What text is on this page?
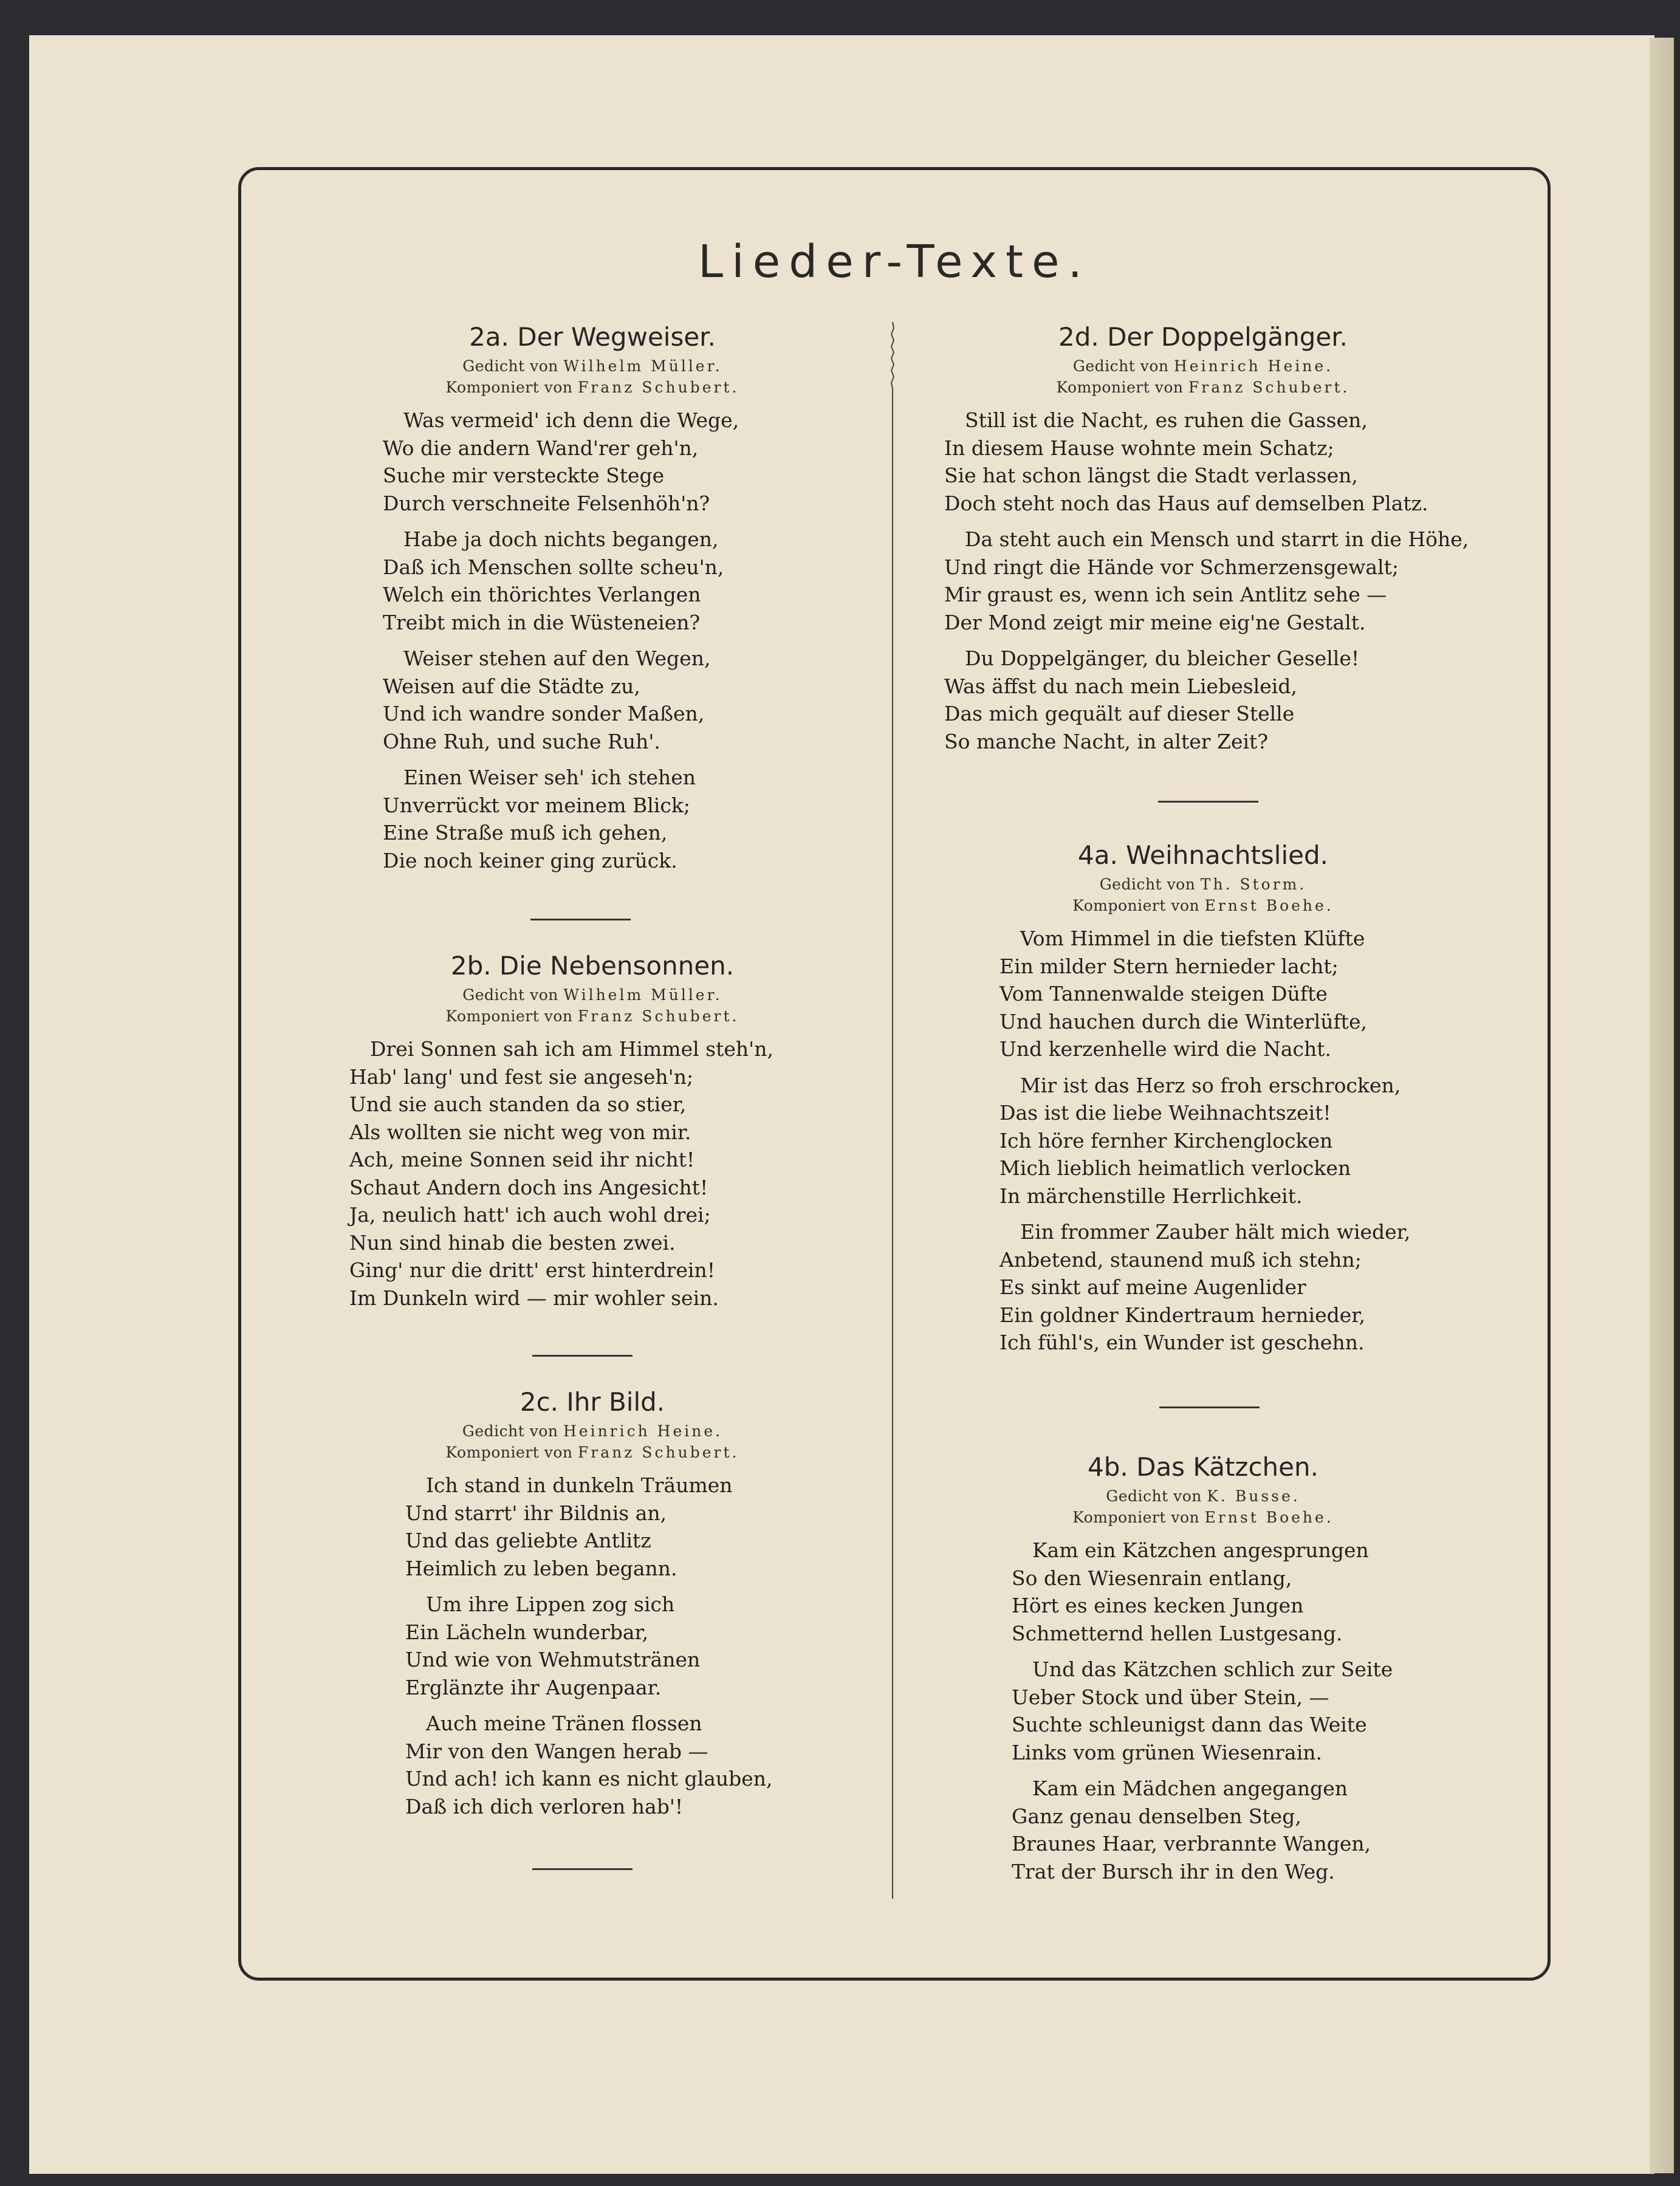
Lieder-Texte.
2a. Der Wegweiser.
Gedicht von Wilhelm Müller.
Komponiert von Franz Schubert.
Was vermeid' ich denn die Wege,
Wo die andern Wand'rer geh'n,
Suche mir versteckte Stege
Durch verschneite Felsenhöh'n?
Habe ja doch nichts begangen,
Daß ich Menschen sollte scheu'n,
Welch ein thörichtes Verlangen
Treibt mich in die Wüsteneien?
Weiser stehen auf den Wegen,
Weisen auf die Städte zu,
Und ich wandre sonder Maßen,
Ohne Ruh, und suche Ruh'.
Einen Weiser seh' ich stehen
Unverrückt vor meinem Blick;
Eine Straße muß ich gehen,
Die noch keiner ging zurück.
2b. Die Nebensonnen.
Gedicht von Wilhelm Müller.
Komponiert von Franz Schubert.
Drei Sonnen sah ich am Himmel steh'n,
Hab' lang' und fest sie angeseh'n;
Und sie auch standen da so stier,
Als wollten sie nicht weg von mir.
Ach, meine Sonnen seid ihr nicht!
Schaut Andern doch ins Angesicht!
Ja, neulich hatt' ich auch wohl drei;
Nun sind hinab die besten zwei.
Ging' nur die dritt' erst hinterdrein!
Im Dunkeln wird — mir wohler sein.
2c. Ihr Bild.
Gedicht von Heinrich Heine.
Komponiert von Franz Schubert.
Ich stand in dunkeln Träumen
Und starrt' ihr Bildnis an,
Und das geliebte Antlitz
Heimlich zu leben begann.
Um ihre Lippen zog sich
Ein Lächeln wunderbar,
Und wie von Wehmutstränen
Erglänzte ihr Augenpaar.
Auch meine Tränen flossen
Mir von den Wangen herab —
Und ach! ich kann es nicht glauben,
Daß ich dich verloren hab'!
2d. Der Doppelgänger.
Gedicht von Heinrich Heine.
Komponiert von Franz Schubert.
Still ist die Nacht, es ruhen die Gassen,
In diesem Hause wohnte mein Schatz;
Sie hat schon längst die Stadt verlassen,
Doch steht noch das Haus auf demselben Platz.
Da steht auch ein Mensch und starrt in die Höhe,
Und ringt die Hände vor Schmerzensgewalt;
Mir graust es, wenn ich sein Antlitz sehe —
Der Mond zeigt mir meine eig'ne Gestalt.
Du Doppelgänger, du bleicher Geselle!
Was äffst du nach mein Liebesleid,
Das mich gequält auf dieser Stelle
So manche Nacht, in alter Zeit?
4a. Weihnachtslied.
Gedicht von Th. Storm.
Komponiert von Ernst Boehe.
Vom Himmel in die tiefsten Klüfte
Ein milder Stern hernieder lacht;
Vom Tannenwalde steigen Düfte
Und hauchen durch die Winterlüfte,
Und kerzenhelle wird die Nacht.
Mir ist das Herz so froh erschrocken,
Das ist die liebe Weihnachtszeit!
Ich höre fernher Kirchenglocken
Mich lieblich heimatlich verlocken
In märchenstille Herrlichkeit.
Ein frommer Zauber hält mich wieder,
Anbetend, staunend muß ich stehn;
Es sinkt auf meine Augenlider
Ein goldner Kindertraum hernieder,
Ich fühl's, ein Wunder ist geschehn.
4b. Das Kätzchen.
Gedicht von K. Busse.
Komponiert von Ernst Boehe.
Kam ein Kätzchen angesprungen
So den Wiesenrain entlang,
Hört es eines kecken Jungen
Schmetternd hellen Lustgesang.
Und das Kätzchen schlich zur Seite
Ueber Stock und über Stein, —
Suchte schleunigst dann das Weite
Links vom grünen Wiesenrain.
Kam ein Mädchen angegangen
Ganz genau denselben Steg,
Braunes Haar, verbrannte Wangen,
Trat der Bursch ihr in den Weg.
